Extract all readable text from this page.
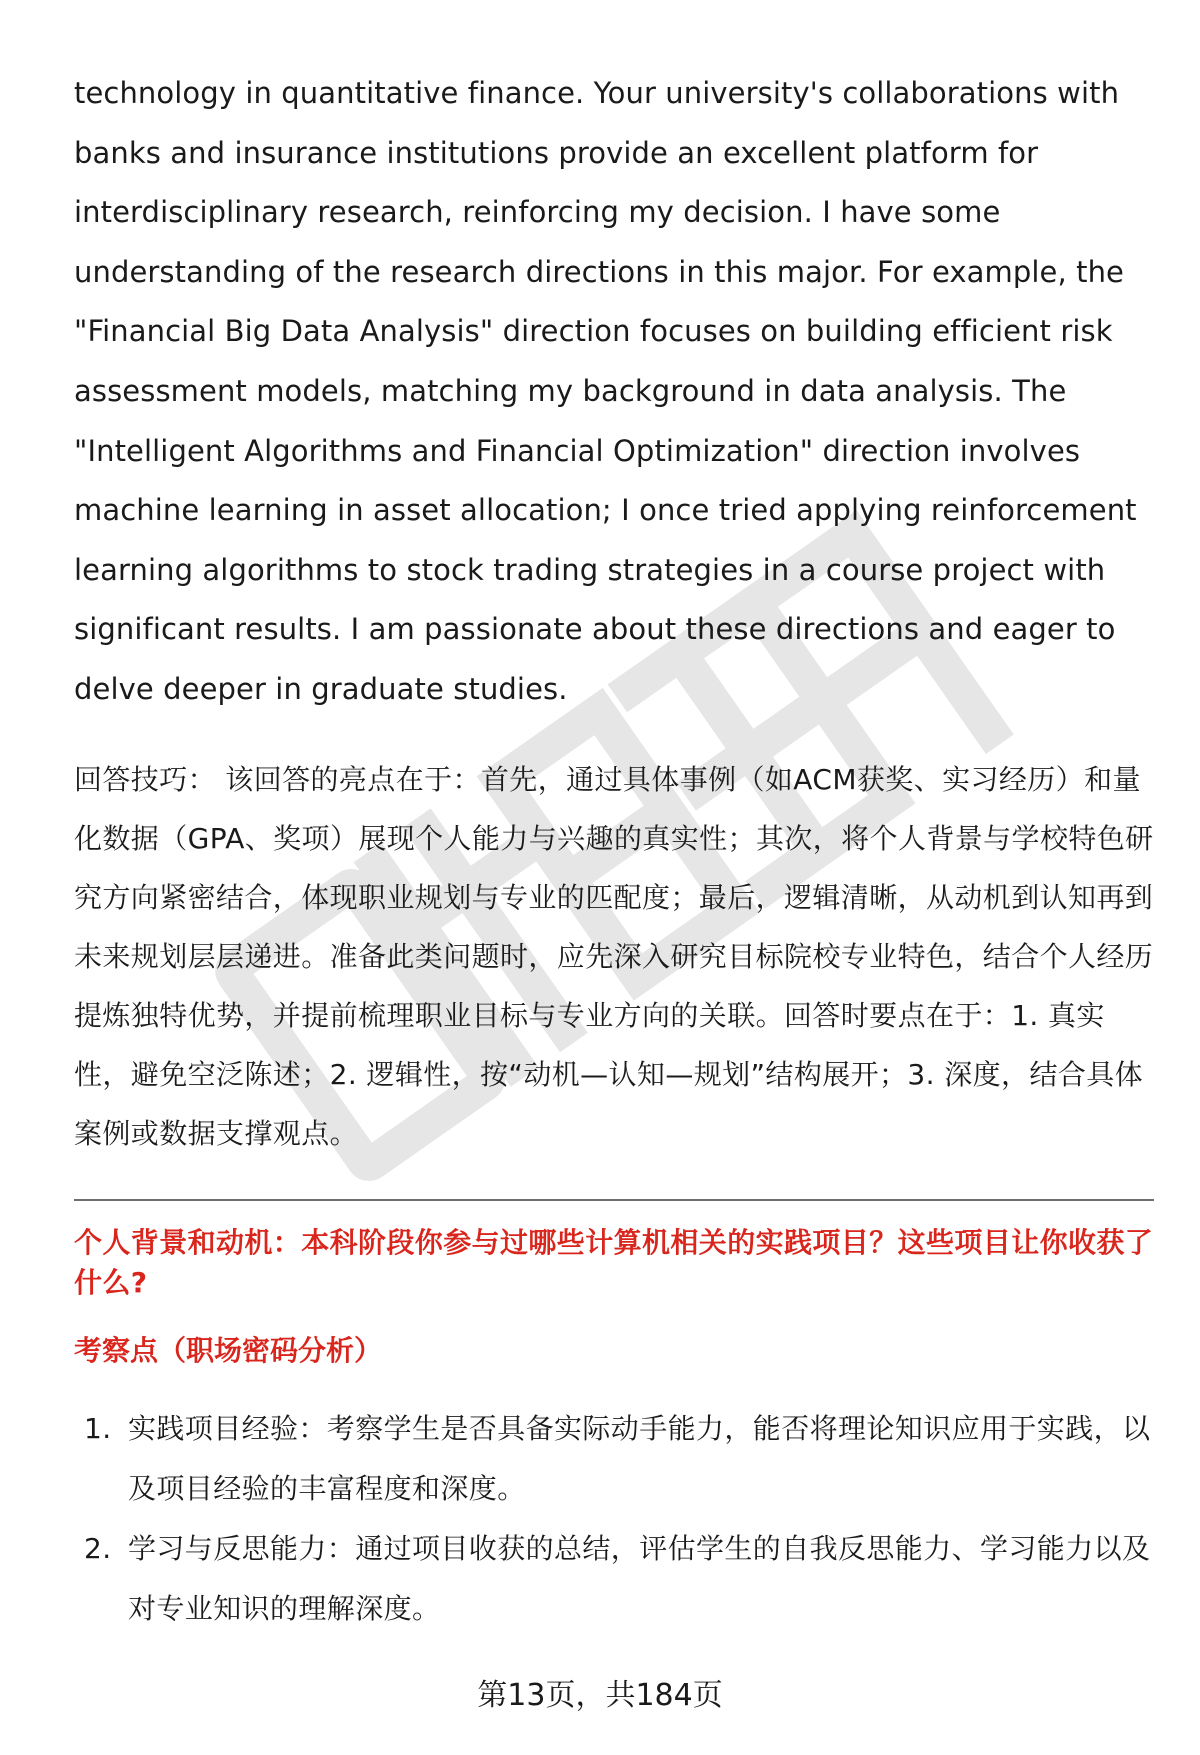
technology in quantitative finance. Your university's collaborations with banks and insurance institutions provide an excellent platform for interdisciplinary research, reinforcing my decision. I have some understanding of the research directions in this major. For example, the "Financial Big Data Analysis" direction focuses on building efficient risk assessment models, matching my background in data analysis. The "Intelligent Algorithms and Financial Optimization" direction involves machine learning in asset allocation; I once tried applying reinforcement learning algorithms to stock trading strategies in a course project with significant results. I am passionate about these directions and eager to delve deeper in graduate studies.

回答技巧： 该回答的亮点在于：首先，通过具体事例（如ACM获奖、实习经历）和量化数据（GPA、奖项）展现个人能力与兴趣的真实性；其次，将个人背景与学校特色研究方向紧密结合，体现职业规划与专业的匹配度；最后，逻辑清晰，从动机到认知再到未来规划层层递进。准备此类问题时，应先深入研究目标院校专业特色，结合个人经历提炼独特优势，并提前梳理职业目标与专业方向的关联。回答时要点在于：1. 真实性，避免空泛陈述；2. 逻辑性，按“动机—认知—规划”结构展开；3. 深度，结合具体案例或数据支撑观点。

个人背景和动机：本科阶段你参与过哪些计算机相关的实践项目？这些项目让你收获了什么?

考察点（职场密码分析）

1. 实践项目经验：考察学生是否具备实际动手能力，能否将理论知识应用于实践，以及项目经验的丰富程度和深度。
2. 学习与反思能力：通过项目收获的总结，评估学生的自我反思能力、学习能力以及对专业知识的理解深度。
第13页，共184页
